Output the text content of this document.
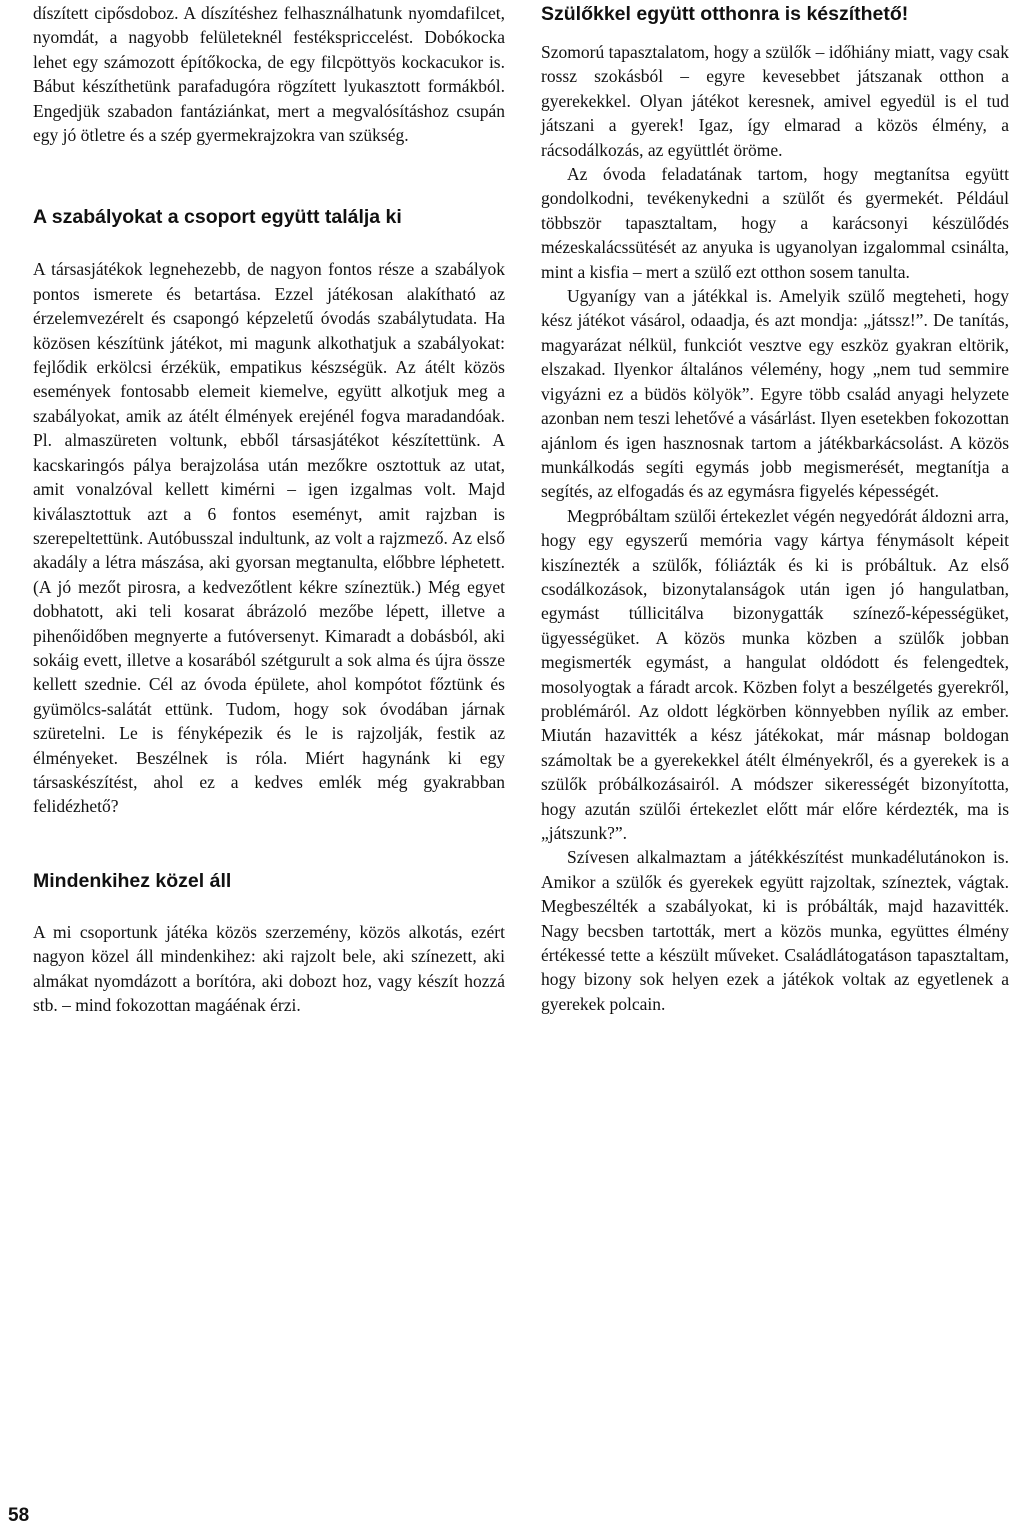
díszített cipősdoboz. A díszítéshez felhasználhatunk nyomdafilcet, nyomdát, a nagyobb felületeknél festékspriccelést. Dobókocka lehet egy számozott építőkocka, de egy filcpöttyös kockacukor is. Bábut készíthetünk parafadugóra rögzített lyukasztott formákból. Engedjük szabadon fantáziánkat, mert a megvalósításhoz csupán egy jó ötletre és a szép gyermekrajzokra van szükség.

A szabályokat a csoport együtt találja ki

A társasjátékok legnehezebb, de nagyon fontos része a szabályok pontos ismerete és betartása. Ezzel játékosan alakítható az érzelemvezérelt és csapongó képzeletű óvodás szabálytudata. Ha közösen készítünk játékot, mi magunk alkothatjuk a szabályokat: fejlődik erkölcsi érzékük, empatikus készségük. Az átélt közös események fontosabb elemeit kiemelve, együtt alkotjuk meg a szabályokat, amik az átélt élmények erejénél fogva maradandóak. Pl. almaszüreten voltunk, ebből társasjátékot készítettünk. A kacskaringós pálya berajzolása után mezőkre osztottuk az utat, amit vonalzóval kellett kimérni – igen izgalmas volt. Majd kiválasztottuk azt a 6 fontos eseményt, amit rajzban is szerepeltettünk. Autóbusszal indultunk, az volt a rajzmező. Az első akadály a létra mászása, aki gyorsan megtanulta, előbbre léphetett. (A jó mezőt pirosra, a kedvezőtlent kékre színeztük.) Még egyet dobhatott, aki teli kosarat ábrázoló mezőbe lépett, illetve a pihenőidőben megnyerte a futóversenyt. Kimaradt a dobásból, aki sokáig evett, illetve a kosarából szétgurult a sok alma és újra össze kellett szednie. Cél az óvoda épülete, ahol kompótot főztünk és gyümölcs-salátát ettünk. Tudom, hogy sok óvodában járnak szüretelni. Le is fényképezik és le is rajzolják, festik az élményeket. Beszélnek is róla. Miért hagynánk ki egy társaskészítést, ahol ez a kedves emlék még gyakrabban felidézhető?

Mindenkihez közel áll

A mi csoportunk játéka közös szerzemény, közös alkotás, ezért nagyon közel áll mindenkihez: aki rajzolt bele, aki színezett, aki almákat nyomdázott a borítóra, aki dobozt hoz, vagy készít hozzá stb. – mind fokozottan magáénak érzi.

Szülőkkel együtt otthonra is készíthető!

Szomorú tapasztalatom, hogy a szülők – időhiány miatt, vagy csak rossz szokásból – egyre kevesebbet játszanak otthon a gyerekekkel. Olyan játékot keresnek, amivel egyedül is el tud játszani a gyerek! Igaz, így elmarad a közös élmény, a rácsodálkozás, az együttlét öröme.

Az óvoda feladatának tartom, hogy megtanítsa együtt gondolkodni, tevékenykedni a szülőt és gyermekét. Például többször tapasztaltam, hogy a karácsonyi készülődés mézeskalácssütését az anyuka is ugyanolyan izgalommal csinálta, mint a kisfia – mert a szülő ezt otthon sosem tanulta.

Ugyanígy van a játékkal is. Amelyik szülő megteheti, hogy kész játékot vásárol, odaadja, és azt mondja: „játssz!”. De tanítás, magyarázat nélkül, funkciót vesztve egy eszköz gyakran eltörik, elszakad. Ilyenkor általános vélemény, hogy „nem tud semmire vigyázni ez a büdös kölyök”. Egyre több család anyagi helyzete azonban nem teszi lehetővé a vásárlást. Ilyen esetekben fokozottan ajánlom és igen hasznosnak tartom a játékbarkácsolást. A közös munkálkodás segíti egymás jobb megismerését, megtanítja a segítés, az elfogadás és az egymásra figyelés képességét.

Megpróbáltam szülői értekezlet végén negyedórát áldozni arra, hogy egy egyszerű memória vagy kártya fénymásolt képeit kiszínezték a szülők, fóliázták és ki is próbáltuk. Az első csodálkozások, bizonytalanságok után igen jó hangulatban, egymást túllicitálva bizonygatták színező-képességüket, ügyességüket. A közös munka közben a szülők jobban megismerték egymást, a hangulat oldódott és felengedtek, mosolyogtak a fáradt arcok. Közben folyt a beszélgetés gyerekről, problémáról. Az oldott légkörben könnyebben nyílik az ember. Miután hazavitték a kész játékokat, már másnap boldogan számoltak be a gyerekekkel átélt élményekről, és a gyerekek is a szülők próbálkozásairól. A módszer sikerességét bizonyította, hogy azután szülői értekezlet előtt már előre kérdezték, ma is „játszunk?”.

Szívesen alkalmaztam a játékkészítést munkadélutánokon is. Amikor a szülők és gyerekek együtt rajzoltak, színeztek, vágtak. Megbeszélték a szabályokat, ki is próbálták, majd hazavitték. Nagy becsben tartották, mert a közös munka, együttes élmény értékessé tette a készült műveket. Családlátogatáson tapasztaltam, hogy bizony sok helyen ezek a játékok voltak az egyetlenek a gyerekek polcain.

58
